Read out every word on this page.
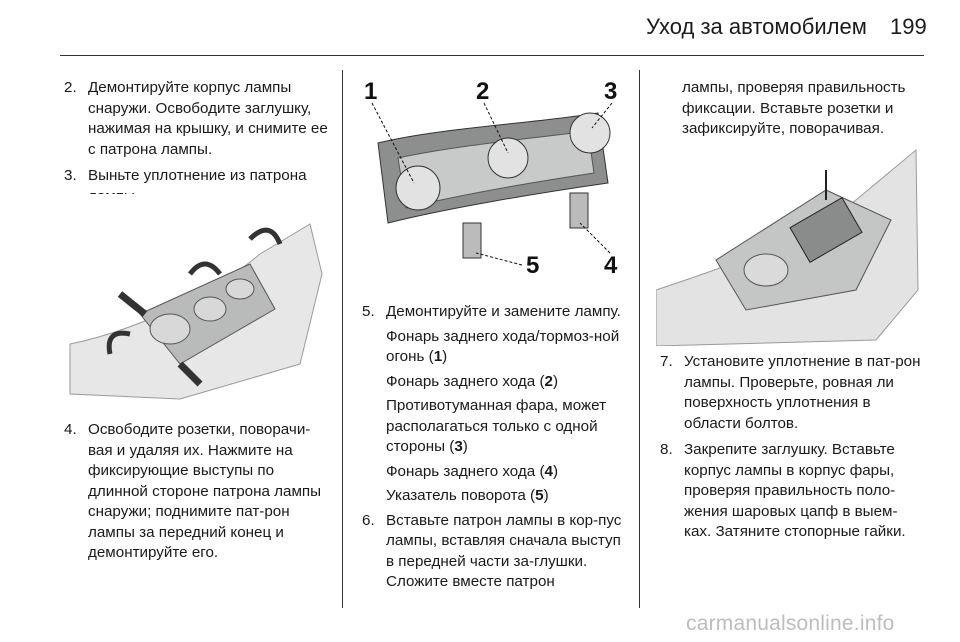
Уход за автомобилем 199
2. Демонтируйте корпус лампы снаружи. Освободите заглушку, нажимая на крышку, и снимите ее с патрона лампы.
3. Выньте уплотнение из патрона
4. Освободите розетки, поворачи-вая и удаляя их. Нажмите на фиксирующие выступы по длинной стороне патрона лампы снаружи; поднимите пат-рон лампы за передний конец и демонтируйте его.
1	2	3
4
5
5. Демонтируйте и замените лампу.
Фонарь заднего хода/тормоз-ной огонь (1)
Фонарь заднего хода (2)
Противотуманная фара, может располагаться только с одной стороны (3)
Фонарь заднего хода (4)
Указатель поворота (5)
6. Вставьте патрон лампы в кор-пус лампы, вставляя сначала выступ в передней части за-глушки. Сложите вместе патрон
лампы, проверяя правильность фиксации. Вставьте розетки и зафиксируйте, поворачивая.
7. Установите уплотнение в пат-рон лампы. Проверьте, ровная ли поверхность уплотнения в области болтов.
8. Закрепите заглушку. Вставьте корпус лампы в корпус фары, проверяя правильность поло-жения шаровых цапф в выем-ках. Затяните стопорные гайки.
carmanualsonline.info
